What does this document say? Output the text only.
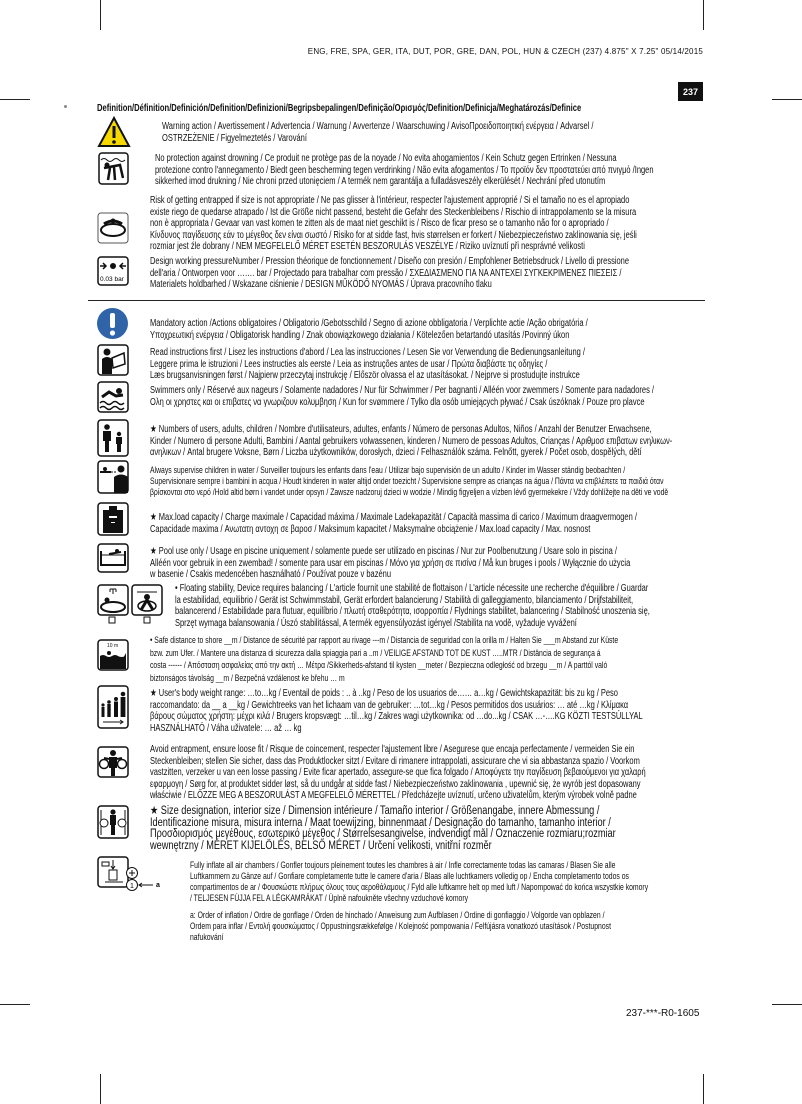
ENG, FRE, SPA, GER, ITA, DUT, POR, GRE, DAN, POL, HUN & CZECH (237) 4.875" X 7.25" 05/14/2015
237
Definition/Définition/Definición/Definition/Definizioni/Begripsbepalingen/Definição/Ορισμός/Definition/Definicja/Meghatározás/Definice
Warning action / Avertissement / Advertencia / Warnung / Avvertenze / Waarschuwing / AvisoΠροειδοποιητική ενέργεια / Advarsel /
OSTRZEŻENIE / Figyelmeztetés / Varování
No protection against drowning / Ce produit ne protège pas de la noyade / No evita ahogamientos / Kein Schutz gegen Ertrinken / Nessuna
protezione contro l'annegamento / Biedt geen bescherming tegen verdrinking / Não evita afogamentos / Το προϊόν δεν προστατεύει από πνιγμό /Ingen
sikkerhed imod drukning / Nie chroni przed utonięciem / A termék nem garantálja a fulladásveszély elkerülését / Nechrání před utonutím
Risk of getting entrapped if size is not appropriate / Ne pas glisser à l'intérieur, respecter l'ajustement approprié / Si el tamaño no es el apropiado
existe riego de quedarse atrapado / Ist die Größe nicht passend, besteht die Gefahr des Steckenbleibens / Rischio di intrappolamento se la misura
non è appropriata / Gevaar van vast komen te zitten als de maat niet geschikt is / Risco de ficar preso se o tamanho não for o apropriado /
Κίνδυνος παγίδευσης εάν το μέγεθος δεν είναι σωστό / Risiko for at sidde fast, hvis størrelsen er forkert / Niebezpieczeństwo zaklinowania się, jeśli
rozmiar jest źle dobrany / NEM MEGFELELŐ MÉRET ESETÉN BESZORULÁS VESZÉLYE / Riziko uvíznutí při nesprávné velikosti
0.03 bar
Design working pressureNumber / Pression théorique de fonctionnement / Diseño con presión / Empfohlener Betriebsdruck / Livello di pressione
dell'aria / Ontworpen voor ……. bar / Projectado para trabalhar com pressão / ΣΧΕΔΙΑΣΜΕΝΟ ΓΙΑ ΝΑ ΑΝΤΕΧΕΙ ΣΥΓΚΕΚΡΙΜΕΝΕΣ ΠΙΕΣΕΙΣ /
Materialets holdbarhed / Wskazane ciśnienie / DESIGN MŰKÖDŐ NYOMÁS / Úprava pracovního tlaku
Mandatory action /Actions obligatoires / Obligatorio /Gebotsschild / Segno di azione obbligatoria / Verplichte actie /Ação obrigatória /
Υποχρεωτική ενέργεια / Obligatorisk handling / Znak obowiązkowego działania / Kötelezően betartandó utasítás /Povinný úkon
Read instructions first / Lisez les instructions d'abord / Lea las instrucciones / Lesen Sie vor Verwendung die Bedienungsanleitung /
Leggere prima le istruzioni / Lees instructies als eerste / Leia as instruções antes de usar / Πρώτα διαβάστε τις οδηγίες /
Læs brugsanvisningen først / Najpierw przeczytaj instrukcję / Először olvassa el az utasításokat. / Nejprve si prostudujte instrukce
Swimmers only / Réservé aux nageurs / Solamente nadadores / Nur für Schwimmer / Per bagnanti / Alléén voor zwemmers / Somente para nadadores /
Ολη οι χρηστες και οι επιβατες να γνωριζουν κολυμβηση / Kun for svømmere / Tylko dla osób umiejących pływać / Csak úszóknak / Pouze pro plavce
★ Numbers of users, adults, children / Nombre d'utilisateurs, adultes, enfants / Número de personas Adultos, Niños / Anzahl der Benutzer Erwachsene,
Kinder / Numero di persone Adulti, Bambini / Aantal gebruikers volwassenen, kinderen / Numero de pessoas Adultos, Crianças / Αριθμοσ επιβατων ενηλικων-
ανηλικων / Antal brugere Voksne, Børn / Liczba użytkowników, dorosłych, dzieci / Felhasználók száma. Felnőtt, gyerek / Počet osob, dospělých, dětí
Always supervise children in water / Surveiller toujours les enfants dans l'eau / Utilizar bajo supervisión de un adulto / Kinder im Wasser ständig beobachten /
Supervisionare sempre i bambini in acqua / Houdt kinderen in water altijd onder toezicht / Supervisione sempre as crianças na água / Πάντα να επιβλέπετε τα παιδιά όταν
βρίσκονται στο νερό /Hold altid børn i vandet under opsyn / Zawsze nadzoruj dzieci w wodzie / Mindig figyeljen a vízben lévő gyermekekre / Vždy dohlížejte na děti ve vodě
★ Max.load capacity / Charge maximale / Capacidad máxima / Maximale Ladekapazität / Capacità massima di carico / Maximum draagvermogen /
Capacidade maxima / Ανωτατη αντοχη σε βαροσ / Maksimum kapacitet / Maksymalne obciążenie / Max.load capacity / Max. nosnost
★ Pool use only / Usage en piscine uniquement / solamente puede ser utilizado en piscinas / Nur zur Poolbenutzung / Usare solo in piscina /
Alléén voor gebruik in een zwembad! / somente para usar em piscinas / Μόνο για χρήση σε πισίνα / Må kun bruges i pools / Wyłącznie do użycia
w basenie / Csakis medencében használható / Používat pouze v bazénu
• Floating stability, Device requires balancing / L'article fournit une stabilité de flottaison / L'article nécessite une recherche d'équilibre / Guardar
la estabilidad, equilibrio / Gerät ist Schwimmstabil, Gerät erfordert balancierung / Stabilità di galleggiamento, bilanciamento / Drijfstabiliteit,
balancerend / Estabilidade para flutuar, equilíbrio / πλωτή σταθερότητα, ισορροπία / Flydnings stabilitet, balancering / Stabilność unoszenia się,
Sprzęt wymaga balansowania / Úszó stabilitással, A termék egyensúlyozást igényel /Stabilita na vodě, vyžaduje vyvážení
10 m
• Safe distance to shore __m / Distance de sécurité par rapport au rivage ---m / Distancia de seguridad con la orilla m / Halten Sie ___m Abstand zur Küste
bzw. zum Ufer. / Mantere una distanza di sicurezza dalla spiaggia pari a ..m / VEILIGE AFSTAND TOT DE KUST …..MTR / Distância de segurança á
costa ------ / Απόσταση ασφαλείας από την ακτή … Μέτρα /Sikkerheds-afstand til kysten __meter / Bezpieczna odległość od brzegu __m / A parttól való
biztonságos távolság __m / Bezpečná vzdálenost ke břehu … m
★ User's body weight range: …to…kg / Eventail de poids : .. à ..kg / Peso de los usuarios de…… a…kg / Gewichtskapazität: bis zu kg / Peso
raccomandato: da __ a __kg / Gewichtreeks van het lichaam van de gebruiker: …tot…kg / Pesos permitidos dos usuários: … até …kg / Κλίμακα
βάρους σώματος χρήστη: μέχρι κιλά / Brugers kropsvægt: …til…kg / Zakres wagi użytkownika: od …do...kg / CSAK …-….KG KÖZTI TESTSÚLLYAL
HASZNÁLHATÓ / Váha uživatele: … až … kg
Avoid entrapment, ensure loose fit / Risque de coincement, respecter l'ajustement libre / Asegurese que encaja perfectamente / vermeiden Sie ein
Steckenbleiben; stellen Sie sicher, dass das Produktlocker sitzt / Evitare di rimanere intrappolati, assicurare che vi sia abbastanza spazio / Voorkom
vastzitten, verzeker u van een losse passing / Evite ficar apertado, assegure-se que fica folgado / Αποφύγετε την παγίδευση βεβαιούμενοι για χαλαρή
εφαρμογη / Sørg for, at produktet sidder løst, så du undgår at sidde fast / Niebezpieczeństwo zaklinowania , upewnić się, że wyrób jest dopasowany
właściwie / ELŐZZE MEG A BESZORULÁST A MEGFELELŐ MÉRETTEL / Předcházejte uvíznutí, určeno uživatelům, kterým výrobek volně padne
★ Size designation, interior size / Dimension intérieure / Tamaño interior / Größenangabe, innere Abmessung /
Identificazione misura, misura interna / Maat toewijzing, binnenmaat / Designação do tamanho, tamanho interior /
Προσδιορισμός μεγέθους, εσωτερικό μέγεθος / Størrelsesangivelse, indvendigt mål / Oznaczenie rozmiaru;rozmiar
wewnętrzny / MÉRET KIJELÖLÉS, BELSŐ MÉRET / Určení velikosti, vnitřní rozměr
1	a
Fully inflate all air chambers / Gonfler toujours pleinement toutes les chambres à air / Infle correctamente todas las camaras / Blasen Sie alle
Luftkammern zu Gänze auf / Gonfiare completamente tutte le camere d'aria / Blaas alle luchtkamers volledig op / Encha completamento todos os
compartimentos de ar / Φουσκώστε πλήρως όλους τους αεροθάλαμους / Fyld alle luftkamre helt op med luft / Napompować do końca wszystkie komory
/ TELJESEN FÚJJA FEL A LÉGKAMRÁKAT / Úplně nafoukněte všechny vzduchové komory
a: Order of inflation / Ordre de gonflage / Orden de hinchado / Anweisung zum Aufblasen / Ordine di gonfiaggio / Volgorde van opblazen /
Ordem para inflar / Εντολή φουσκώματος / Oppustningsrækkefølge / Kolejność pompowania / Felfújásra vonatkozó utasítások / Postupnost
nafukování
237-***-R0-1605
